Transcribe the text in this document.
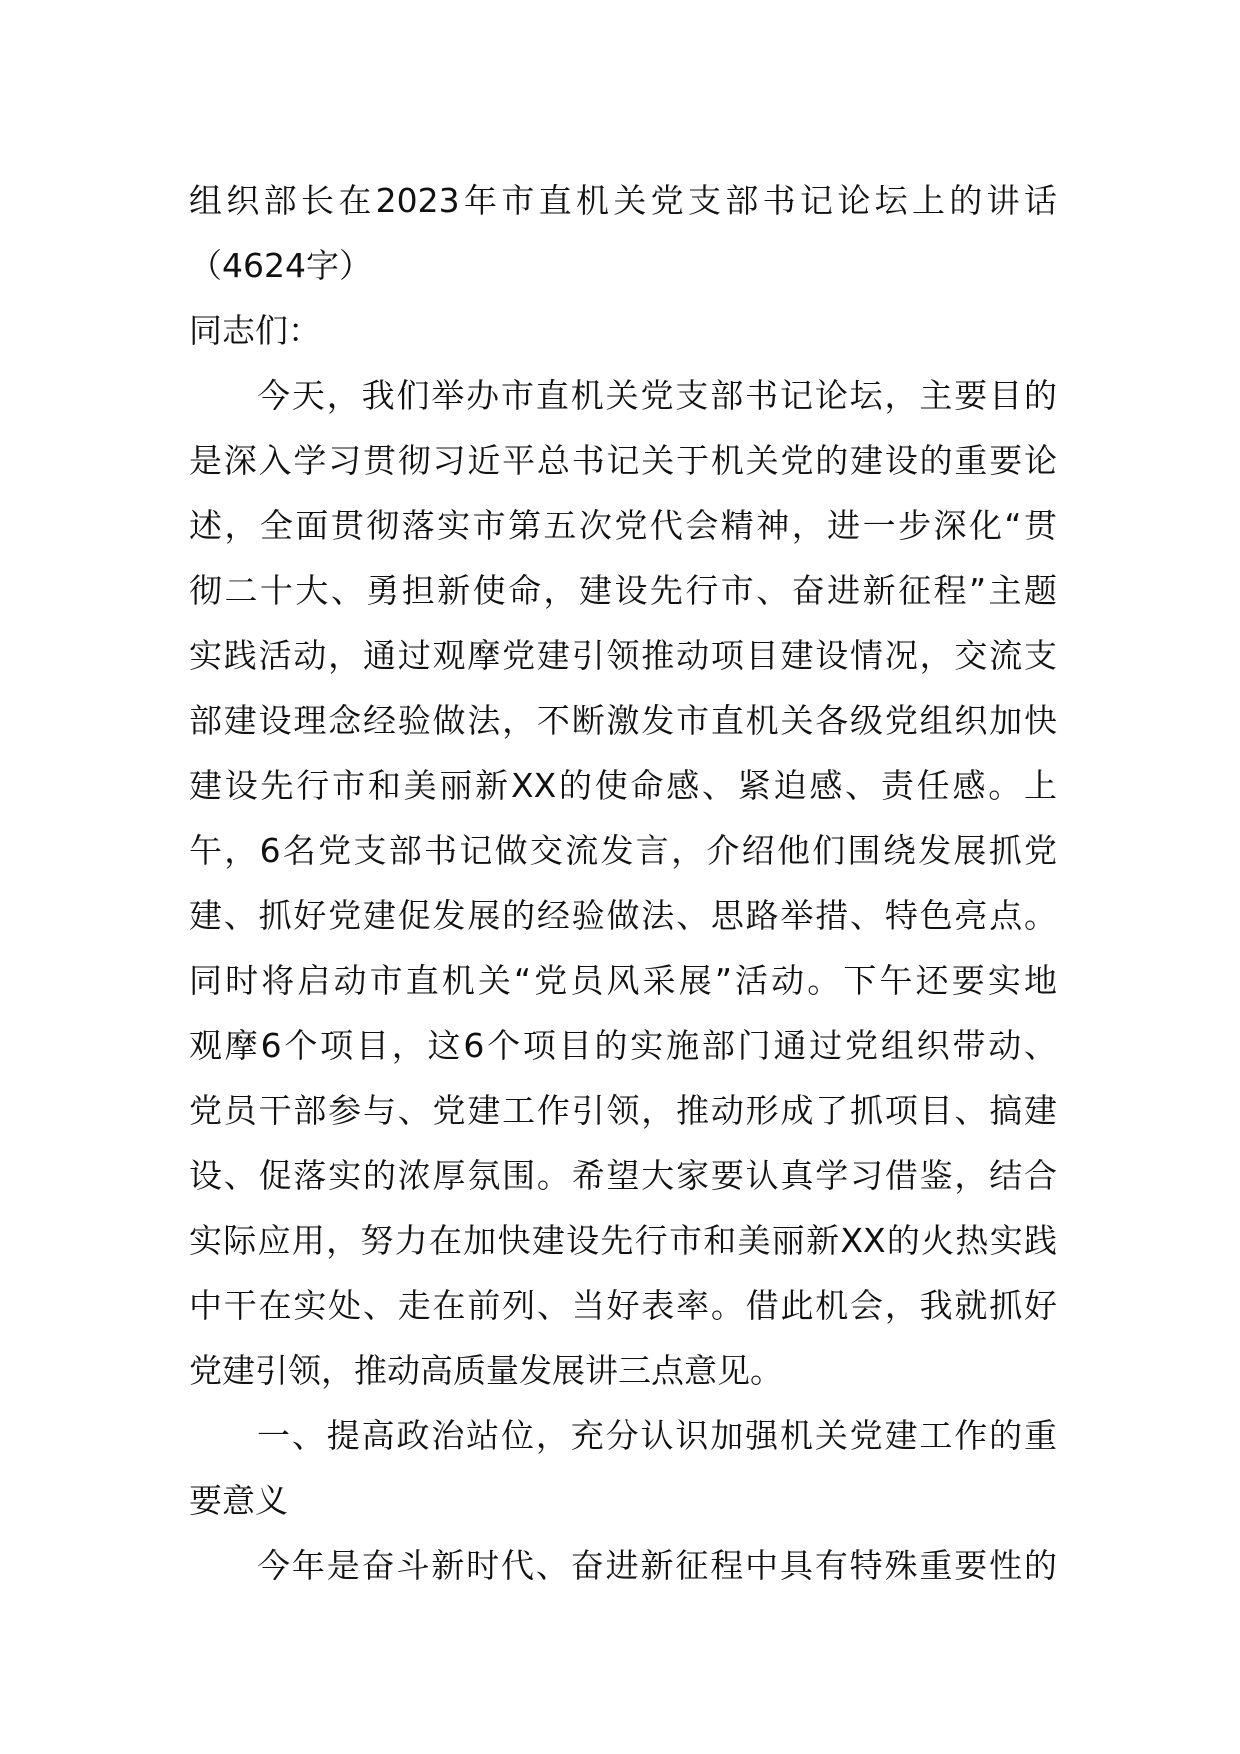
组织部长在2023年市直机关党支部书记论坛上的讲话
（4624字）
同志们：
今天，我们举办市直机关党支部书记论坛，主要目的
是深入学习贯彻习近平总书记关于机关党的建设的重要论
述，全面贯彻落实市第五次党代会精神，进一步深化“贯
彻二十大、勇担新使命，建设先行市、奋进新征程”主题
实践活动，通过观摩党建引领推动项目建设情况，交流支
部建设理念经验做法，不断激发市直机关各级党组织加快
建设先行市和美丽新XX的使命感、紧迫感、责任感。上
午，6名党支部书记做交流发言，介绍他们围绕发展抓党
建、抓好党建促发展的经验做法、思路举措、特色亮点。
同时将启动市直机关“党员风采展”活动。下午还要实地
观摩6个项目，这6个项目的实施部门通过党组织带动、
党员干部参与、党建工作引领，推动形成了抓项目、搞建
设、促落实的浓厚氛围。希望大家要认真学习借鉴，结合
实际应用，努力在加快建设先行市和美丽新XX的火热实践
中干在实处、走在前列、当好表率。借此机会，我就抓好
党建引领，推动高质量发展讲三点意见。
一、提高政治站位，充分认识加强机关党建工作的重
要意义
今年是奋斗新时代、奋进新征程中具有特殊重要性的
